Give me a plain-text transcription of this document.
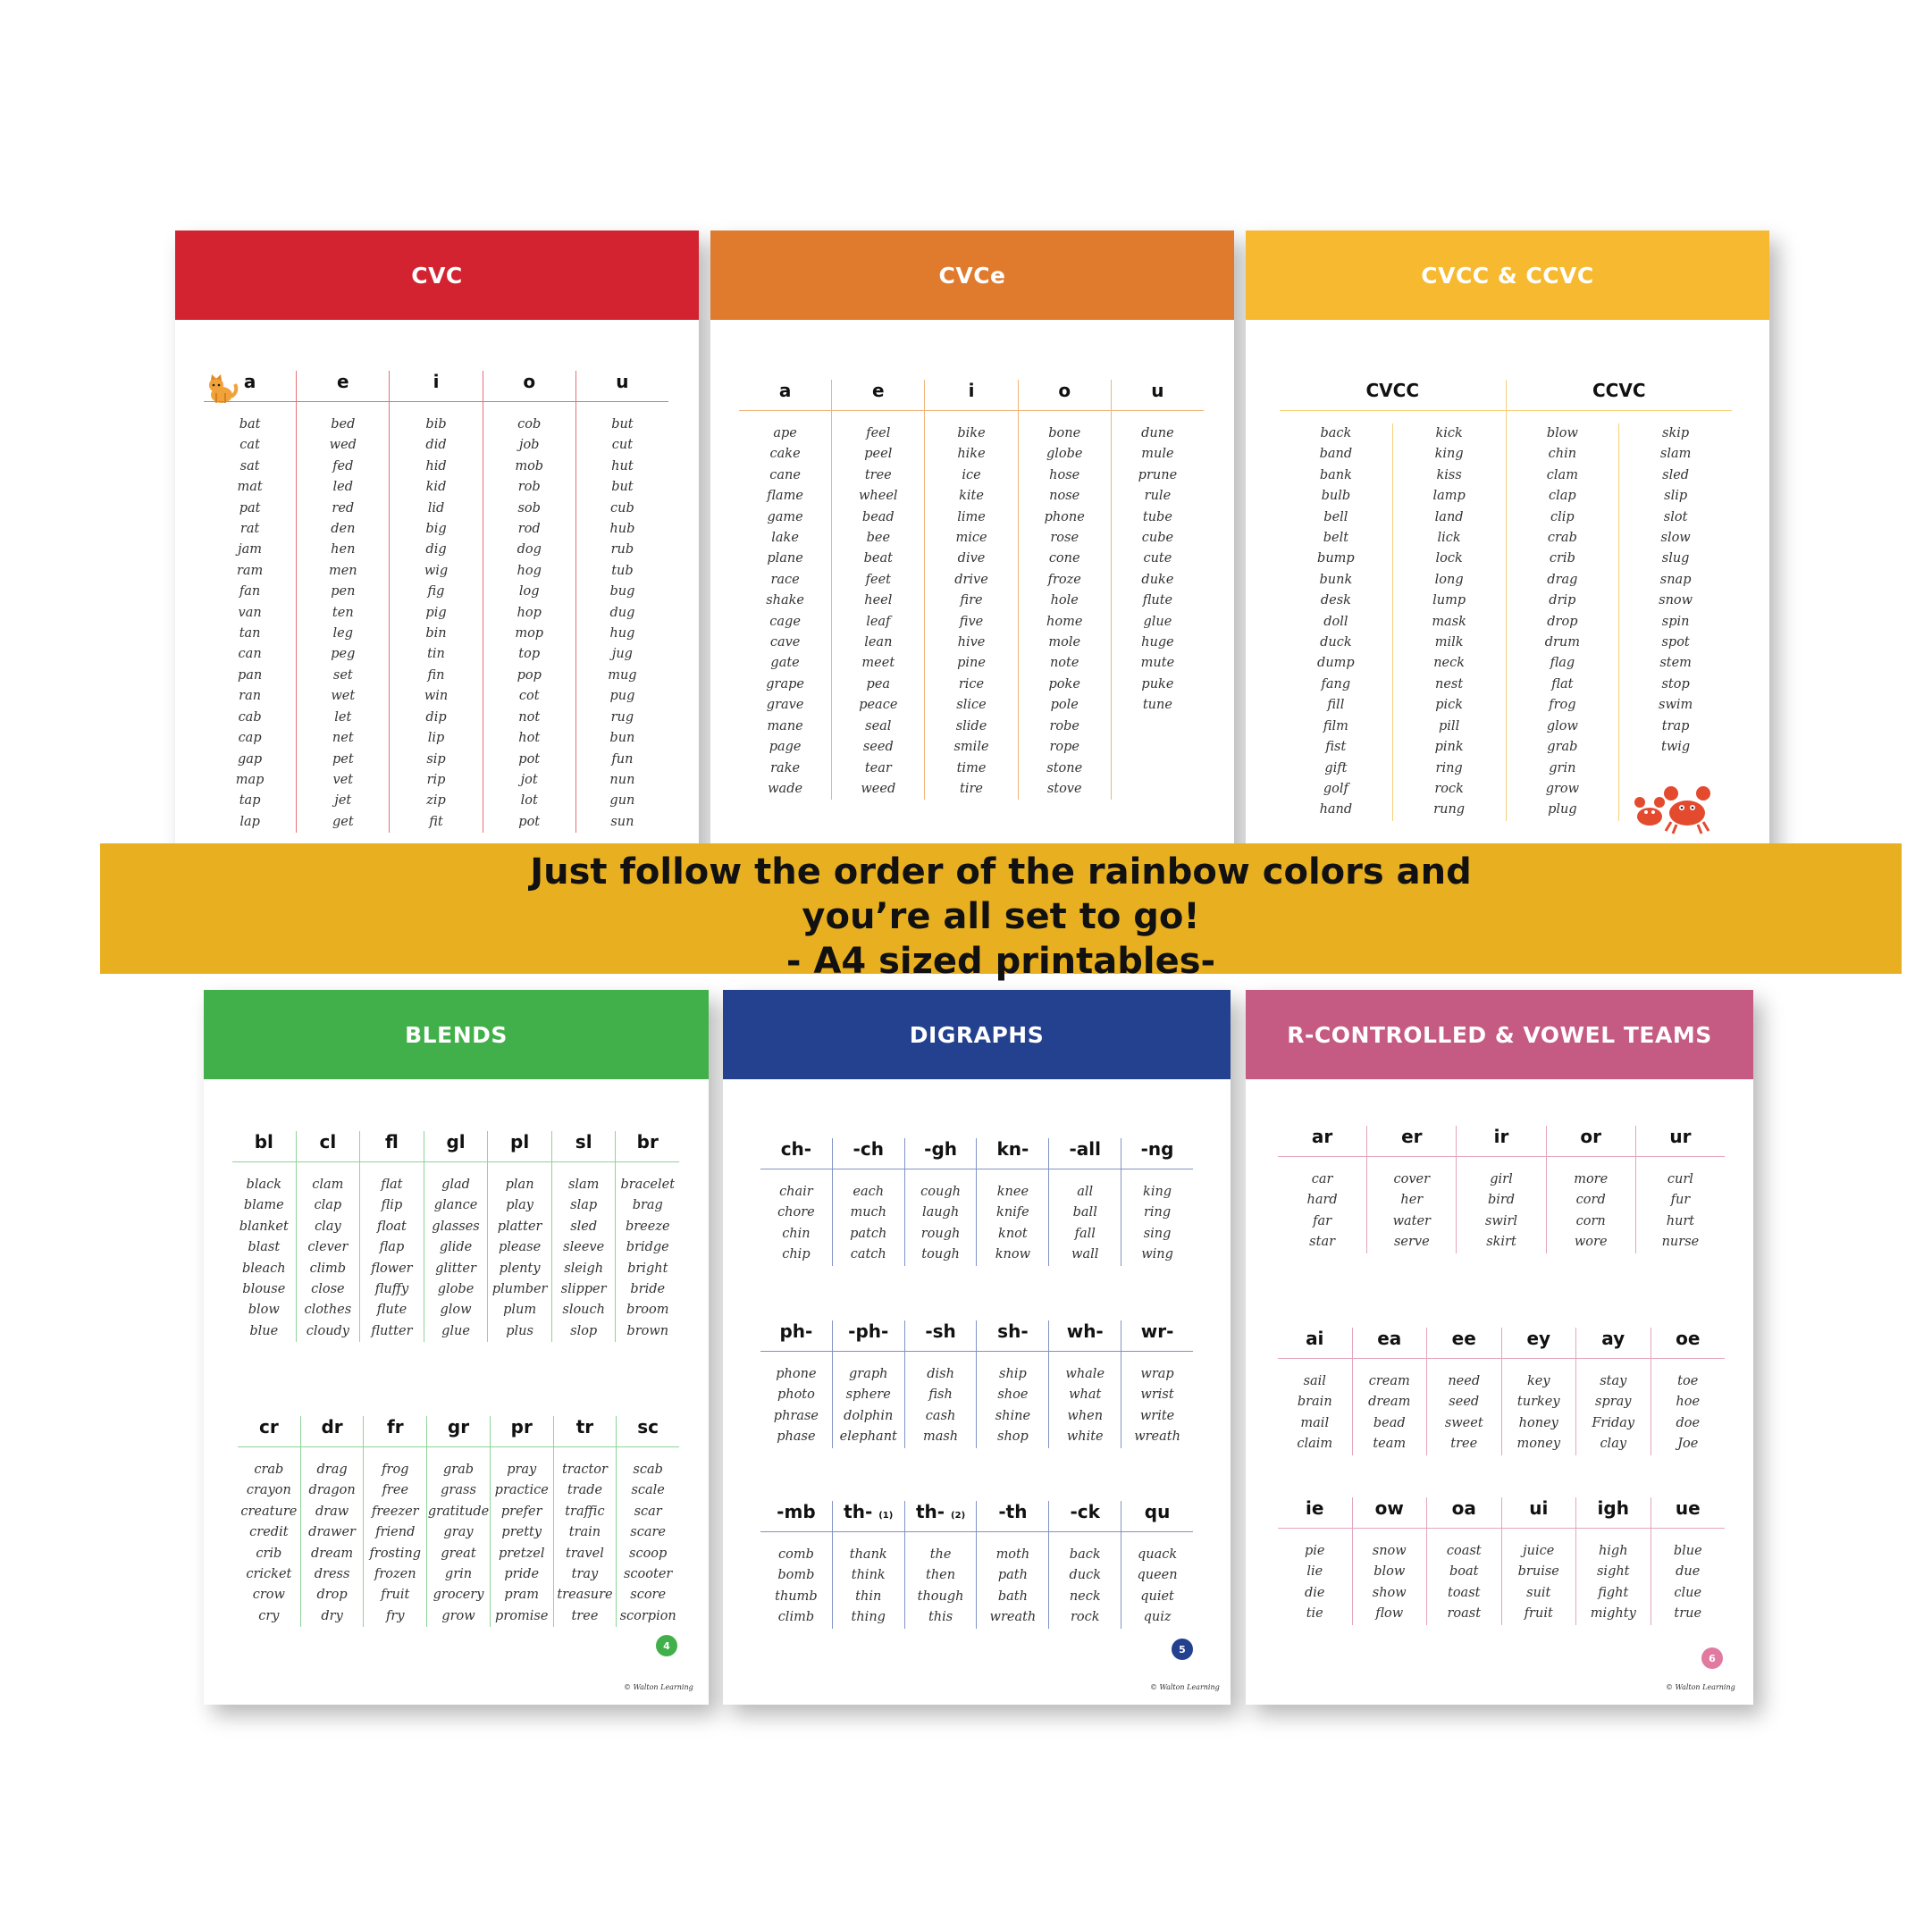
CVC
a
bat
cat
sat
mat
pat
rat
jam
ram
fan
van
tan
can
pan
ran
cab
cap
gap
map
tap
lap
e
bed
wed
fed
led
red
den
hen
men
pen
ten
leg
peg
set
wet
let
net
pet
vet
jet
get
i
bib
did
hid
kid
lid
big
dig
wig
fig
pig
bin
tin
fin
win
dip
lip
sip
rip
zip
fit
o
cob
job
mob
rob
sob
rod
dog
hog
log
hop
mop
top
pop
cot
not
hot
pot
jot
lot
pot
u
but
cut
hut
but
cub
hub
rub
tub
bug
dug
hug
jug
mug
pug
rug
bun
fun
nun
gun
sun
CVCe
a
ape
cake
cane
flame
game
lake
plane
race
shake
cage
cave
gate
grape
grave
mane
page
rake
wade
e
feel
peel
tree
wheel
bead
bee
beat
feet
heel
leaf
lean
meet
pea
peace
seal
seed
tear
weed
i
bike
hike
ice
kite
lime
mice
dive
drive
fire
five
hive
pine
rice
slice
slide
smile
time
tire
o
bone
globe
hose
nose
phone
rose
cone
froze
hole
home
mole
note
poke
pole
robe
rope
stone
stove
u
dune
mule
prune
rule
tube
cube
cute
duke
flute
glue
huge
mute
puke
tune
CVCC & CCVC
CVCC
back
band
bank
bulb
bell
belt
bump
bunk
desk
doll
duck
dump
fang
fill
film
fist
gift
golf
hand
kick
king
kiss
lamp
land
lick
lock
long
lump
mask
milk
neck
nest
pick
pill
pink
ring
rock
rung
CCVC
blow
chin
clam
clap
clip
crab
crib
drag
drip
drop
drum
flag
flat
frog
glow
grab
grin
grow
plug
skip
slam
sled
slip
slot
slow
slug
snap
snow
spin
spot
stem
stop
swim
trap
twig
Just follow the order of the rainbow colors and
you’re all set to go!
- A4 sized printables-
BLENDS
bl
black
blame
blanket
blast
bleach
blouse
blow
blue
cl
clam
clap
clay
clever
climb
close
clothes
cloudy
fl
flat
flip
float
flap
flower
fluffy
flute
flutter
gl
glad
glance
glasses
glide
glitter
globe
glow
glue
pl
plan
play
platter
please
plenty
plumber
plum
plus
sl
slam
slap
sled
sleeve
sleigh
slipper
slouch
slop
br
bracelet
brag
breeze
bridge
bright
bride
broom
brown
cr
crab
crayon
creature
credit
crib
cricket
crow
cry
dr
drag
dragon
draw
drawer
dream
dress
drop
dry
fr
frog
free
freezer
friend
frosting
frozen
fruit
fry
gr
grab
grass
gratitude
gray
great
grin
grocery
grow
pr
pray
practice
prefer
pretty
pretzel
pride
pram
promise
tr
tractor
trade
traffic
train
travel
tray
treasure
tree
sc
scab
scale
scar
scare
scoop
scooter
score
scorpion
4
© Walton Learning
DIGRAPHS
ch-
chair
chore
chin
chip
-ch
each
much
patch
catch
-gh
cough
laugh
rough
tough
kn-
knee
knife
knot
know
-all
all
ball
fall
wall
-ng
king
ring
sing
wing
ph-
phone
photo
phrase
phase
-ph-
graph
sphere
dolphin
elephant
-sh
dish
fish
cash
mash
sh-
ship
shoe
shine
shop
wh-
whale
what
when
white
wr-
wrap
wrist
write
wreath
-mb
comb
bomb
thumb
climb
th- (1)
thank
think
thin
thing
th- (2)
the
then
though
this
-th
moth
path
bath
wreath
-ck
back
duck
neck
rock
qu
quack
queen
quiet
quiz
5
© Walton Learning
R-CONTROLLED & VOWEL TEAMS
ar
car
hard
far
star
er
cover
her
water
serve
ir
girl
bird
swirl
skirt
or
more
cord
corn
wore
ur
curl
fur
hurt
nurse
ai
sail
brain
mail
claim
ea
cream
dream
bead
team
ee
need
seed
sweet
tree
ey
key
turkey
honey
money
ay
stay
spray
Friday
clay
oe
toe
hoe
doe
Joe
ie
pie
lie
die
tie
ow
snow
blow
show
flow
oa
coast
boat
toast
roast
ui
juice
bruise
suit
fruit
igh
high
sight
fight
mighty
ue
blue
due
clue
true
6
© Walton Learning
